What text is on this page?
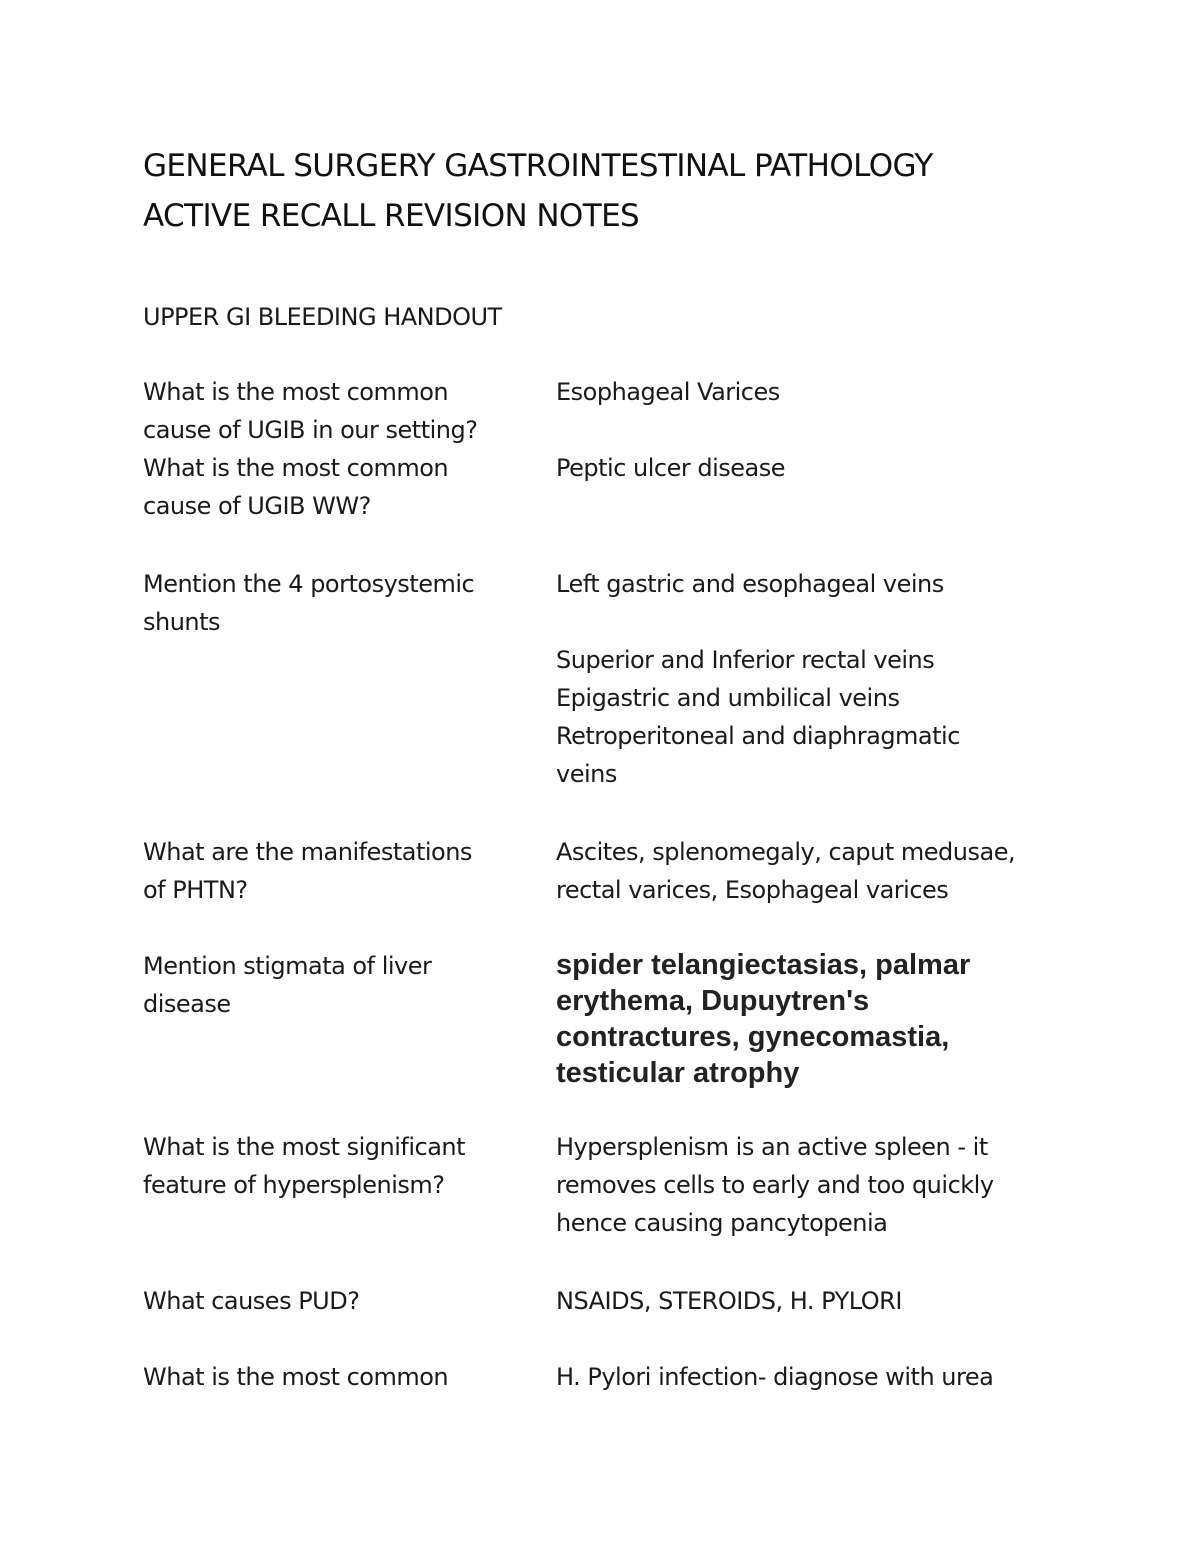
GENERAL SURGERY GASTROINTESTINAL PATHOLOGY
ACTIVE RECALL REVISION NOTES
UPPER GI BLEEDING HANDOUT
What is the most common
cause of UGIB in our setting?
Esophageal Varices
What is the most common
cause of UGIB WW?
Peptic ulcer disease
Mention the 4 portosystemic
shunts
Left gastric and esophageal veins
Superior and Inferior rectal veins
Epigastric and umbilical veins
Retroperitoneal and diaphragmatic
veins
What are the manifestations
of PHTN?
Ascites, splenomegaly, caput medusae,
rectal varices, Esophageal varices
Mention stigmata of liver
disease
spider telangiectasias, palmar
erythema, Dupuytren's
contractures, gynecomastia,
testicular atrophy
What is the most significant
feature of hypersplenism?
Hypersplenism is an active spleen - it
removes cells to early and too quickly
hence causing pancytopenia
What causes PUD?	NSAIDS, STEROIDS, H. PYLORI
What is the most common	H. Pylori infection- diagnose with urea
